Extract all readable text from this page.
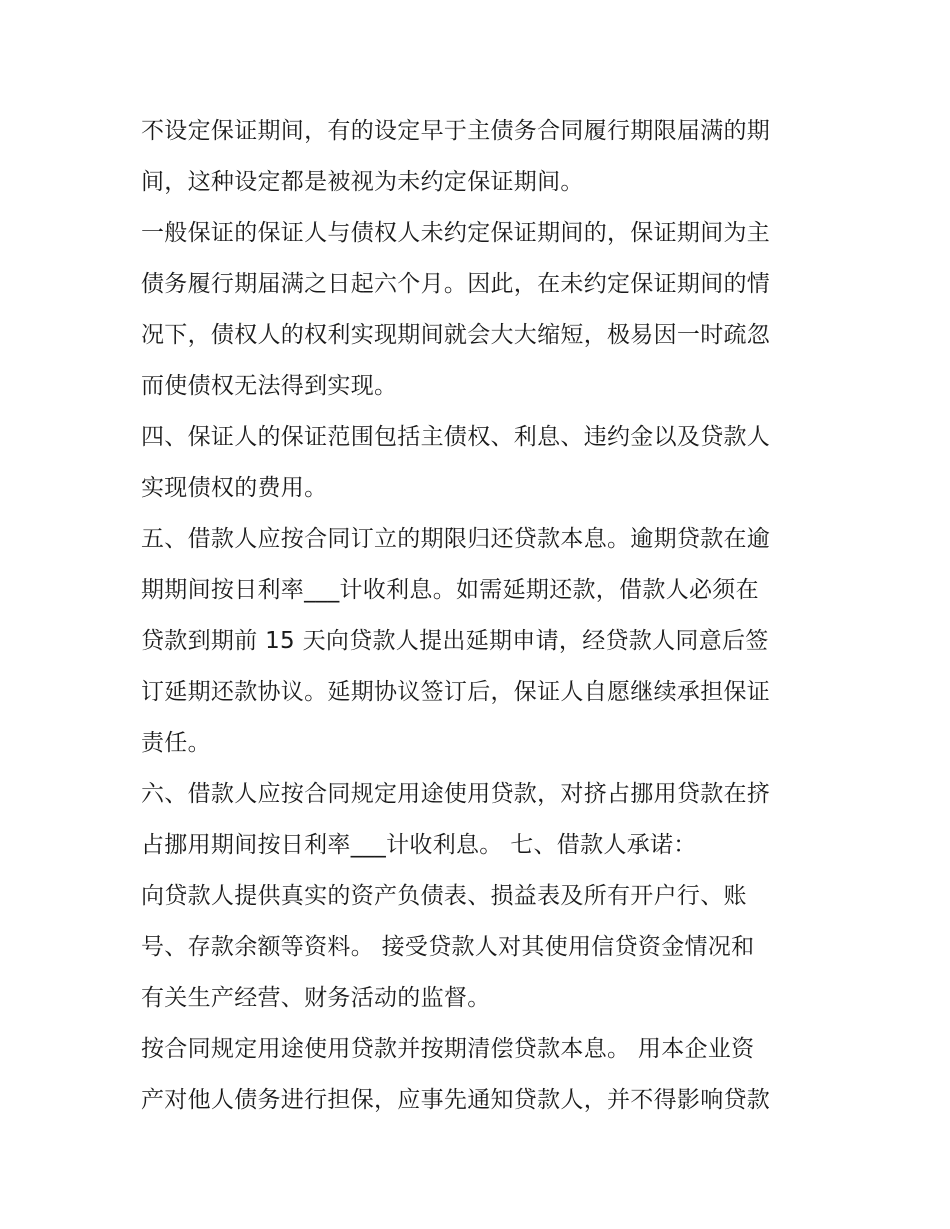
不设定保证期间，有的设定早于主债务合同履行期限届满的期
间，这种设定都是被视为未约定保证期间。
一般保证的保证人与债权人未约定保证期间的，保证期间为主
债务履行期届满之日起六个月。因此，在未约定保证期间的情
况下，债权人的权利实现期间就会大大缩短，极易因一时疏忽
而使债权无法得到实现。
四、保证人的保证范围包括主债权、利息、违约金以及贷款人
实现债权的费用。
五、借款人应按合同订立的期限归还贷款本息。逾期贷款在逾
期期间按日利率___计收利息。如需延期还款，借款人必须在
贷款到期前 15 天向贷款人提出延期申请，经贷款人同意后签
订延期还款协议。延期协议签订后，保证人自愿继续承担保证
责任。
六、借款人应按合同规定用途使用贷款，对挤占挪用贷款在挤
占挪用期间按日利率___计收利息。 七、借款人承诺：
向贷款人提供真实的资产负债表、损益表及所有开户行、账
号、存款余额等资料。 接受贷款人对其使用信贷资金情况和
有关生产经营、财务活动的监督。
按合同规定用途使用贷款并按期清偿贷款本息。 用本企业资
产对他人债务进行担保，应事先通知贷款人，并不得影响贷款
